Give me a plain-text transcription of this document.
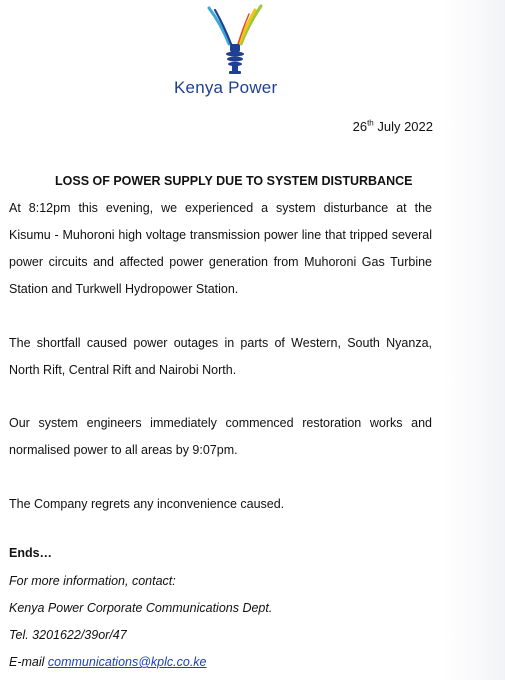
Kenya Power
26th July 2022
LOSS OF POWER SUPPLY DUE TO SYSTEM DISTURBANCE

At 8:12pm this evening, we experienced a system disturbance at the Kisumu - Muhoroni high voltage transmission power line that tripped several power circuits and affected power generation from Muhoroni Gas Turbine Station and Turkwell Hydropower Station.

The shortfall caused power outages in parts of Western, South Nyanza, North Rift, Central Rift and Nairobi North.

Our system engineers immediately commenced restoration works and normalised power to all areas by 9:07pm.

The Company regrets any inconvenience caused.

Ends…
For more information, contact:
Kenya Power Corporate Communications Dept.
Tel. 3201622/39or/47
E-mail communications@kplc.co.ke
